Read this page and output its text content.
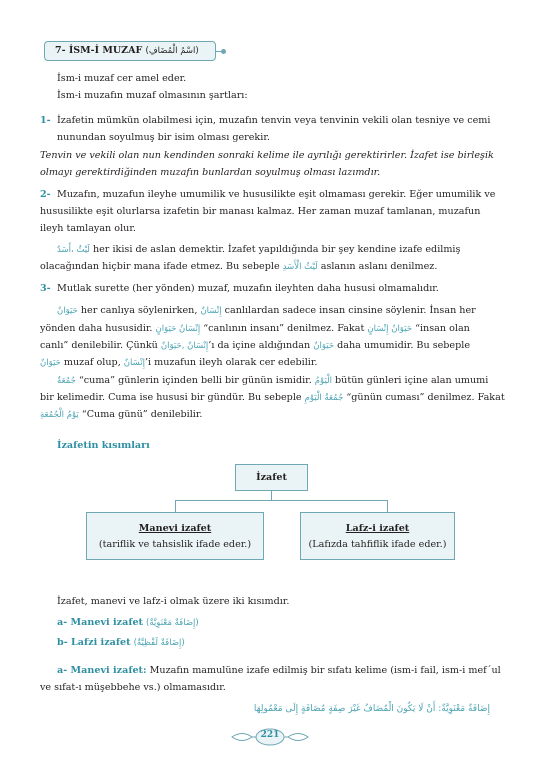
7- İSM-İ MUZAF (اسْمُ الْمُضَافِ)

İsm-i muzaf cer amel eder.

İsm-i muzafın muzaf olmasının şartları:

1- İzafetin mümkün olabilmesi için, muzafın tenvin veya tenvinin vekili olan tesniye ve cemi

nunundan soyulmuş bir isim olması gerekir.

Tenvin ve vekili olan nun kendinden sonraki kelime ile ayrılığı gerektirirler. İzafet ise birleşik

olmayı gerektirdiğinden muzafın bunlardan soyulmuş olması lazımdır.

2- Muzafın, muzafun ileyhe umumilik ve hususilikte eşit olmaması gerekir. Eğer umumilik ve

hususilikte eşit olurlarsa izafetin bir manası kalmaz. Her zaman muzaf tamlanan, muzafun

ileyh tamlayan olur.

لَيْثٌ ،أَسَدٌ her ikisi de aslan demektir. İzafet yapıldığında bir şey kendine izafe edilmiş

olacağından hiçbir mana ifade etmez. Bu sebeple لَيْثُ الْأَسَدِ aslanın aslanı denilmez.

3- Mutlak surette (her yönden) muzaf, muzafın ileyhten daha hususi olmamalıdır.

حَيَوَانٌ her canlıya söylenirken, إِنْسَانٌ canlılardan sadece insan cinsine söylenir. İnsan her

yönden daha hususidir. إِنْسَانُ حَيَوَانٍ “canlının insanı” denilmez. Fakat حَيَوَانُ إِنْسَانٍ “insan olan

canlı” denilebilir. Çünkü إِنْسَانٌ ,حَيَوَانٌ’ı da içine aldığından حَيَوَانٌ daha umumidir. Bu sebeple

حَيَوَانٌ muzaf olup, إِنْسَانٌ’i muzafun ileyh olarak cer edebilir.

جُمُعَةٌ “cuma” günlerin içinden belli bir günün ismidir. الْيَوْمُ bütün günleri içine alan umumi

bir kelimedir. Cuma ise hususi bir gündür. Bu sebeple جُمُعَةُ الْيَوْمِ “günün cuması” denilmez. Fakat

يَوْمُ الْجُمُعَةِ “Cuma günü” denilebilir.

İzafetin kısımları

İzafet
Manevi izafet
(tariflik ve tahsislik ifade eder.)
Lafz-i izafet
(Lafızda tahfiflik ifade eder.)

İzafet, manevi ve lafz-i olmak üzere iki kısımdır.

a- Manevi izafet (إِضَافَةٌ مَعْنَوِيَّةٌ)

b- Lafzi izafet (إِضَافَةٌ لَفْظِيَّةٌ)

a- Manevi izafet: Muzafın mamulüne izafe edilmiş bir sıfatı kelime (ism-i fail, ism-i mef´ul

ve sıfat-ı müşebbehe vs.) olmamasıdır.

إِضَافَةٌ مَعْنَوِيَّةٌ: أَنْ لَا يَكُونَ الْمُضَافُ غَيْرَ صِفَةٍ مُضَافَةٍ إِلَى مَعْمُولِهَا

221
